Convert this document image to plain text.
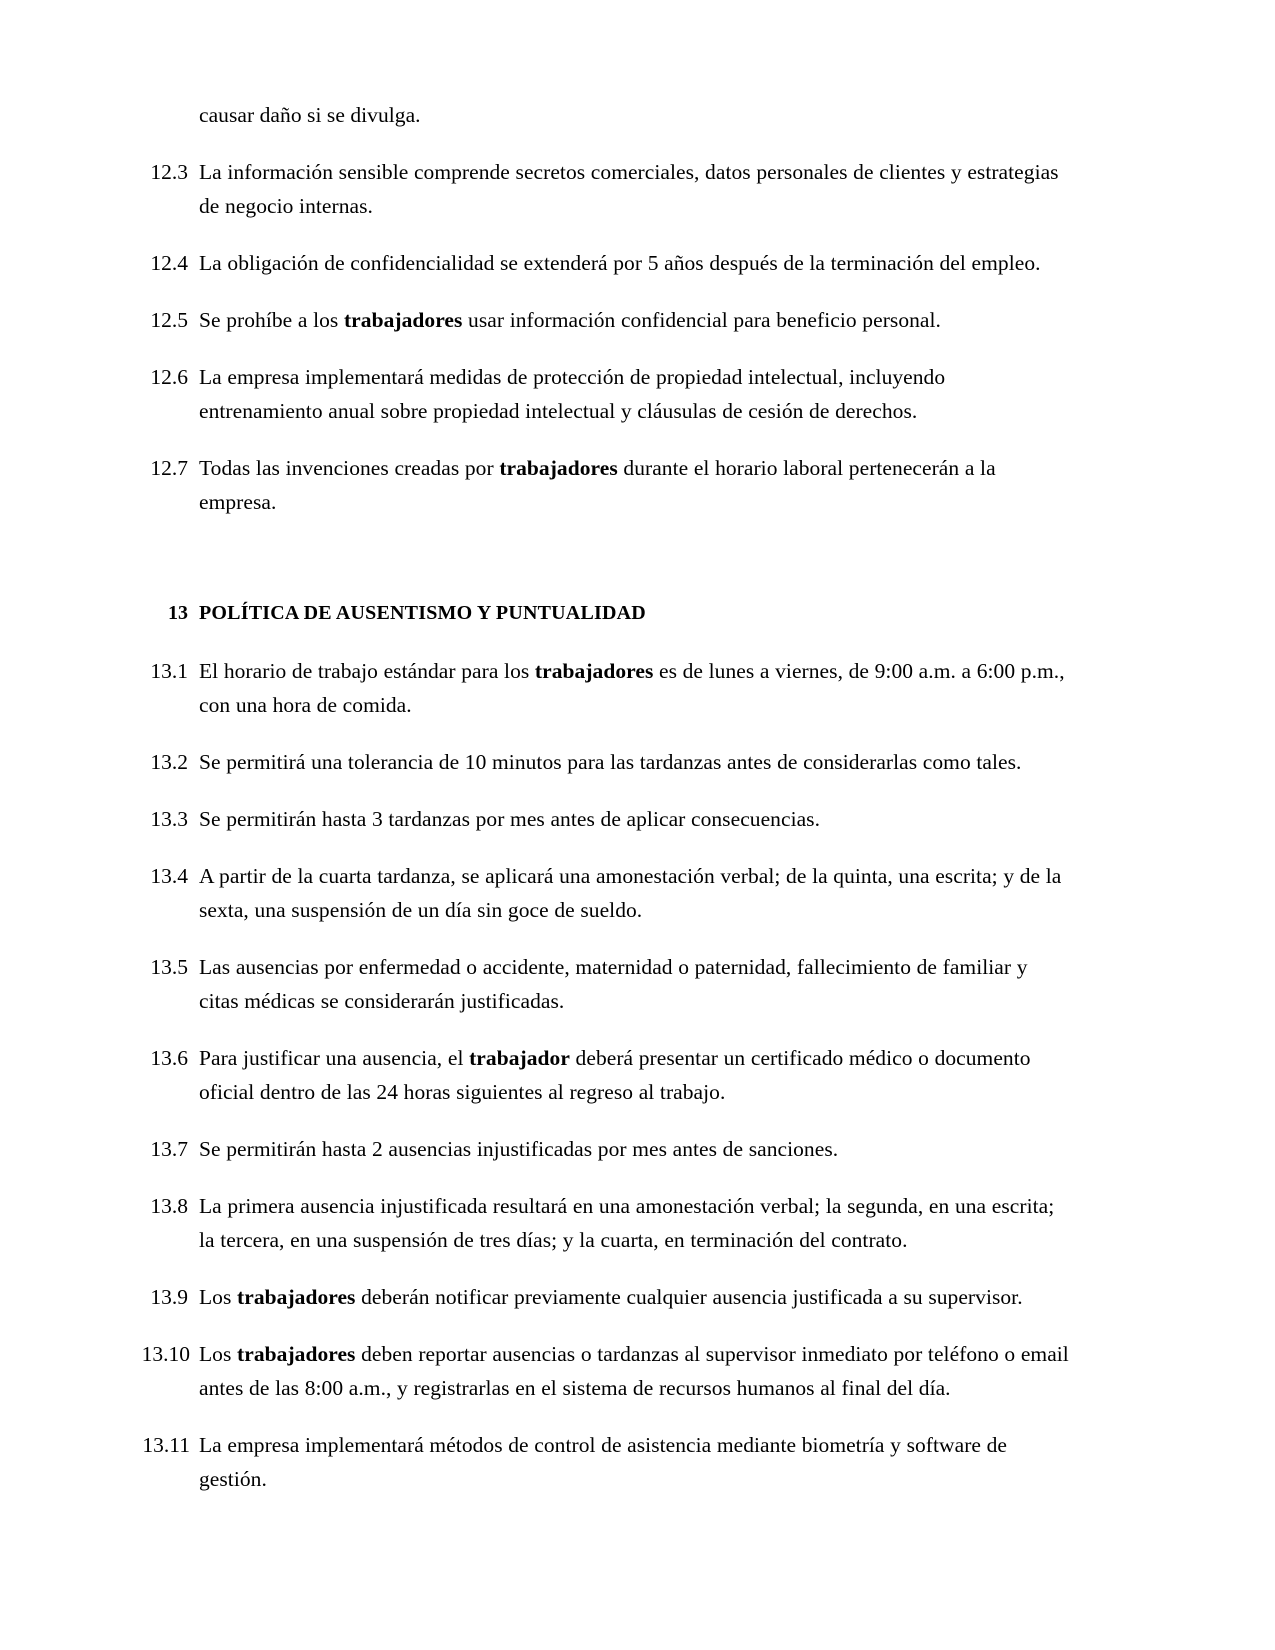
causar daño si se divulga.

12.3 La información sensible comprende secretos comerciales, datos personales de clientes y estrategias de negocio internas.
12.4 La obligación de confidencialidad se extenderá por 5 años después de la terminación del empleo.
12.5 Se prohíbe a los trabajadores usar información confidencial para beneficio personal.
12.6 La empresa implementará medidas de protección de propiedad intelectual, incluyendo entrenamiento anual sobre propiedad intelectual y cláusulas de cesión de derechos.
12.7 Todas las invenciones creadas por trabajadores durante el horario laboral pertenecerán a la empresa.
13 POLÍTICA DE AUSENTISMO Y PUNTUALIDAD
13.1 El horario de trabajo estándar para los trabajadores es de lunes a viernes, de 9:00 a.m. a 6:00 p.m., con una hora de comida.
13.2 Se permitirá una tolerancia de 10 minutos para las tardanzas antes de considerarlas como tales.
13.3 Se permitirán hasta 3 tardanzas por mes antes de aplicar consecuencias.
13.4 A partir de la cuarta tardanza, se aplicará una amonestación verbal; de la quinta, una escrita; y de la sexta, una suspensión de un día sin goce de sueldo.
13.5 Las ausencias por enfermedad o accidente, maternidad o paternidad, fallecimiento de familiar y citas médicas se considerarán justificadas.
13.6 Para justificar una ausencia, el trabajador deberá presentar un certificado médico o documento oficial dentro de las 24 horas siguientes al regreso al trabajo.
13.7 Se permitirán hasta 2 ausencias injustificadas por mes antes de sanciones.
13.8 La primera ausencia injustificada resultará en una amonestación verbal; la segunda, en una escrita; la tercera, en una suspensión de tres días; y la cuarta, en terminación del contrato.
13.9 Los trabajadores deberán notificar previamente cualquier ausencia justificada a su supervisor.
13.10 Los trabajadores deben reportar ausencias o tardanzas al supervisor inmediato por teléfono o email antes de las 8:00 a.m., y registrarlas en el sistema de recursos humanos al final del día.
13.11 La empresa implementará métodos de control de asistencia mediante biometría y software de gestión.
